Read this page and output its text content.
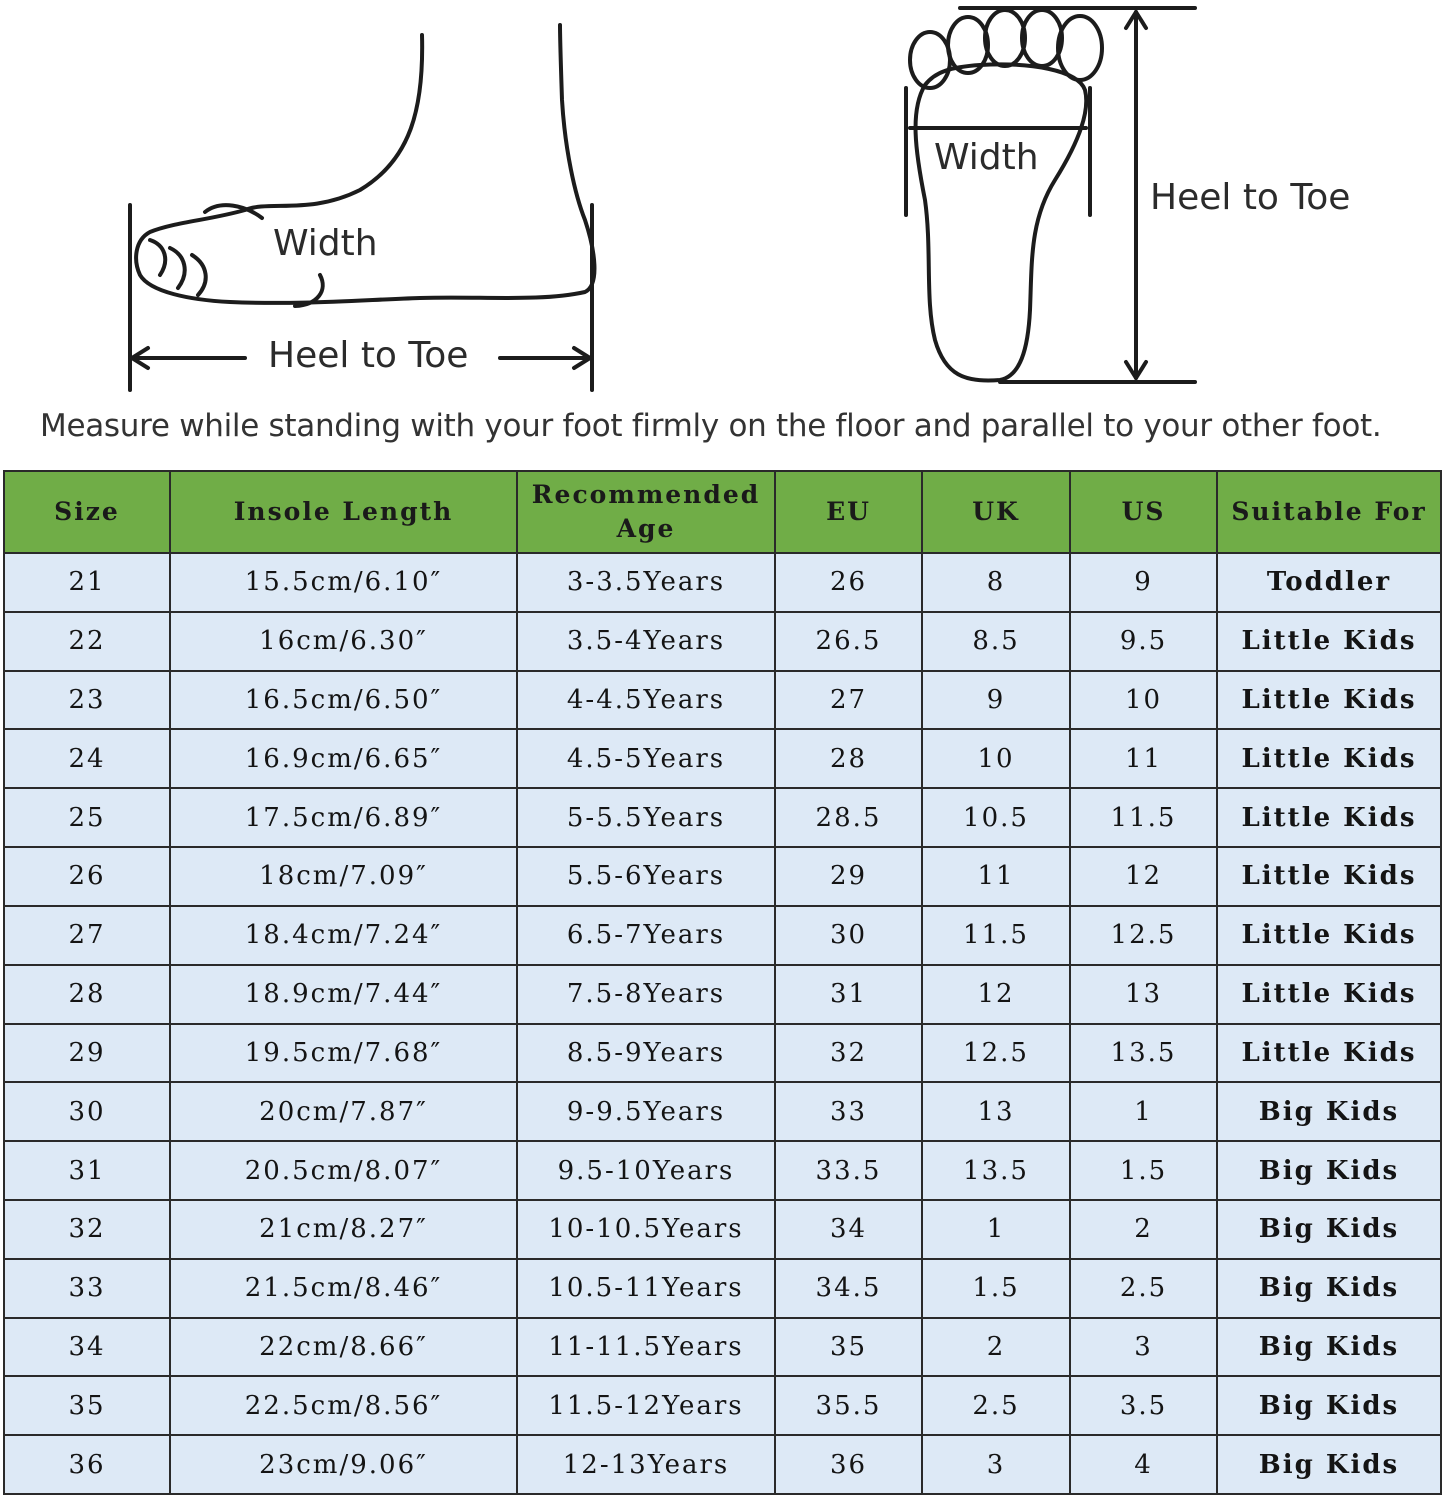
Width
Heel to Toe
Width
Heel to Toe
Measure while standing with your foot firmly on the floor and parallel to your other foot.
Size	Insole Length	Recommended Age	EU	UK	US	Suitable For
21	15.5cm/6.10″	3-3.5Years	26	8	9	Toddler
22	16cm/6.30″	3.5-4Years	26.5	8.5	9.5	Little Kids
23	16.5cm/6.50″	4-4.5Years	27	9	10	Little Kids
24	16.9cm/6.65″	4.5-5Years	28	10	11	Little Kids
25	17.5cm/6.89″	5-5.5Years	28.5	10.5	11.5	Little Kids
26	18cm/7.09″	5.5-6Years	29	11	12	Little Kids
27	18.4cm/7.24″	6.5-7Years	30	11.5	12.5	Little Kids
28	18.9cm/7.44″	7.5-8Years	31	12	13	Little Kids
29	19.5cm/7.68″	8.5-9Years	32	12.5	13.5	Little Kids
30	20cm/7.87″	9-9.5Years	33	13	1	Big Kids
31	20.5cm/8.07″	9.5-10Years	33.5	13.5	1.5	Big Kids
32	21cm/8.27″	10-10.5Years	34	1	2	Big Kids
33	21.5cm/8.46″	10.5-11Years	34.5	1.5	2.5	Big Kids
34	22cm/8.66″	11-11.5Years	35	2	3	Big Kids
35	22.5cm/8.56″	11.5-12Years	35.5	2.5	3.5	Big Kids
36	23cm/9.06″	12-13Years	36	3	4	Big Kids
